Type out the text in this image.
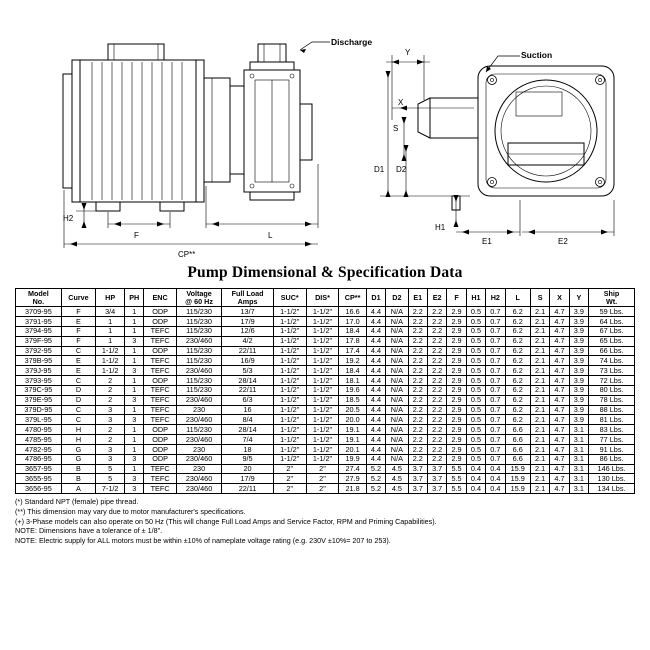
Discharge
Suction
Y
X
S
D2
D1
H1
E1	E2
H2
F	L
CP**
Pump Dimensional & Specification Data
Model
No.	Curve	HP	PH	ENC	Voltage
@ 60 Hz	Full Load
Amps	SUC*	DIS*	CP**	D1	D2	E1	E2	F	H1	H2	L	S	X	Y	Ship
Wt.

3709-95	F	3/4	1	ODP	115/230	13/7	1-1/2"	1-1/2"	16.6	4.4	N/A	2.2	2.2	2.9	0.5	0.7	6.2	2.1	4.7	3.9	59 Lbs.
3791-95	E	1	1	ODP	115/230	17/9	1-1/2"	1-1/2"	17.0	4.4	N/A	2.2	2.2	2.9	0.5	0.7	6.2	2.1	4.7	3.9	64 Lbs.
3794-95	F	1	1	TEFC	115/230	12/6	1-1/2"	1-1/2"	18.4	4.4	N/A	2.2	2.2	2.9	0.5	0.7	6.2	2.1	4.7	3.9	67 Lbs.
379F-95	F	1	3	TEFC	230/460	4/2	1-1/2"	1-1/2"	17.8	4.4	N/A	2.2	2.2	2.9	0.5	0.7	6.2	2.1	4.7	3.9	65 Lbs.
3792-95	C	1-1/2	1	ODP	115/230	22/11	1-1/2"	1-1/2"	17.4	4.4	N/A	2.2	2.2	2.9	0.5	0.7	6.2	2.1	4.7	3.9	66 Lbs.
379B-95	E	1-1/2	1	TEFC	115/230	16/9	1-1/2"	1-1/2"	19.2	4.4	N/A	2.2	2.2	2.9	0.5	0.7	6.2	2.1	4.7	3.9	74 Lbs.
379J-95	E	1-1/2	3	TEFC	230/460	5/3	1-1/2"	1-1/2"	18.4	4.4	N/A	2.2	2.2	2.9	0.5	0.7	6.2	2.1	4.7	3.9	73 Lbs.
3793-95	C	2	1	ODP	115/230	28/14	1-1/2"	1-1/2"	18.1	4.4	N/A	2.2	2.2	2.9	0.5	0.7	6.2	2.1	4.7	3.9	72 Lbs.
379C-95	D	2	1	TEFC	115/230	22/11	1-1/2"	1-1/2"	19.6	4.4	N/A	2.2	2.2	2.9	0.5	0.7	6.2	2.1	4.7	3.9	80 Lbs.
379E-95	D	2	3	TEFC	230/460	6/3	1-1/2"	1-1/2"	18.5	4.4	N/A	2.2	2.2	2.9	0.5	0.7	6.2	2.1	4.7	3.9	78 Lbs.
379D-95	C	3	1	TEFC	230	16	1-1/2"	1-1/2"	20.5	4.4	N/A	2.2	2.2	2.9	0.5	0.7	6.2	2.1	4.7	3.9	88 Lbs.
379L-95	C	3	3	TEFC	230/460	8/4	1-1/2"	1-1/2"	20.0	4.4	N/A	2.2	2.2	2.9	0.5	0.7	6.2	2.1	4.7	3.9	81 Lbs.
4780-95	H	2	1	ODP	115/230	28/14	1-1/2"	1-1/2"	19.1	4.4	N/A	2.2	2.2	2.9	0.5	0.7	6.6	2.1	4.7	3.1	83 Lbs.
4785-95	H	2	1	ODP	230/460	7/4	1-1/2"	1-1/2"	19.1	4.4	N/A	2.2	2.2	2.9	0.5	0.7	6.6	2.1	4.7	3.1	77 Lbs.
4782-95	G	3	1	ODP	230	18	1-1/2"	1-1/2"	20.1	4.4	N/A	2.2	2.2	2.9	0.5	0.7	6.6	2.1	4.7	3.1	91 Lbs.
4786-95	G	3	3	ODP	230/460	9/5	1-1/2"	1-1/2"	19.9	4.4	N/A	2.2	2.2	2.9	0.5	0.7	6.6	2.1	4.7	3.1	86 Lbs.
3657-95	B	5	1	TEFC	230	20	2"	2"	27.4	5.2	4.5	3.7	3.7	5.5	0.4	0.4	15.9	2.1	4.7	3.1	146 Lbs.
3655-95	B	5	3	TEFC	230/460	17/9	2"	2"	27.9	5.2	4.5	3.7	3.7	5.5	0.4	0.4	15.9	2.1	4.7	3.1	130 Lbs.
3656-95	A	7-1/2	3	TEFC	230/460	22/11	2"	2"	21.8	5.2	4.5	3.7	3.7	5.5	0.4	0.4	15.9	2.1	4.7	3.1	134 Lbs.
(*) Standard NPT (female) pipe thread.
(**) This dimension may vary due to motor manufacturer's specifications.
(+) 3-Phase models can also operate on 50 Hz (This will change Full Load Amps and Service Factor, RPM and Priming Capabilities).
NOTE: Dimensions have a tolerance of ± 1/8".
NOTE: Electric supply for ALL motors must be within ±10% of nameplate voltage rating (e.g. 230V ±10%= 207 to 253).
